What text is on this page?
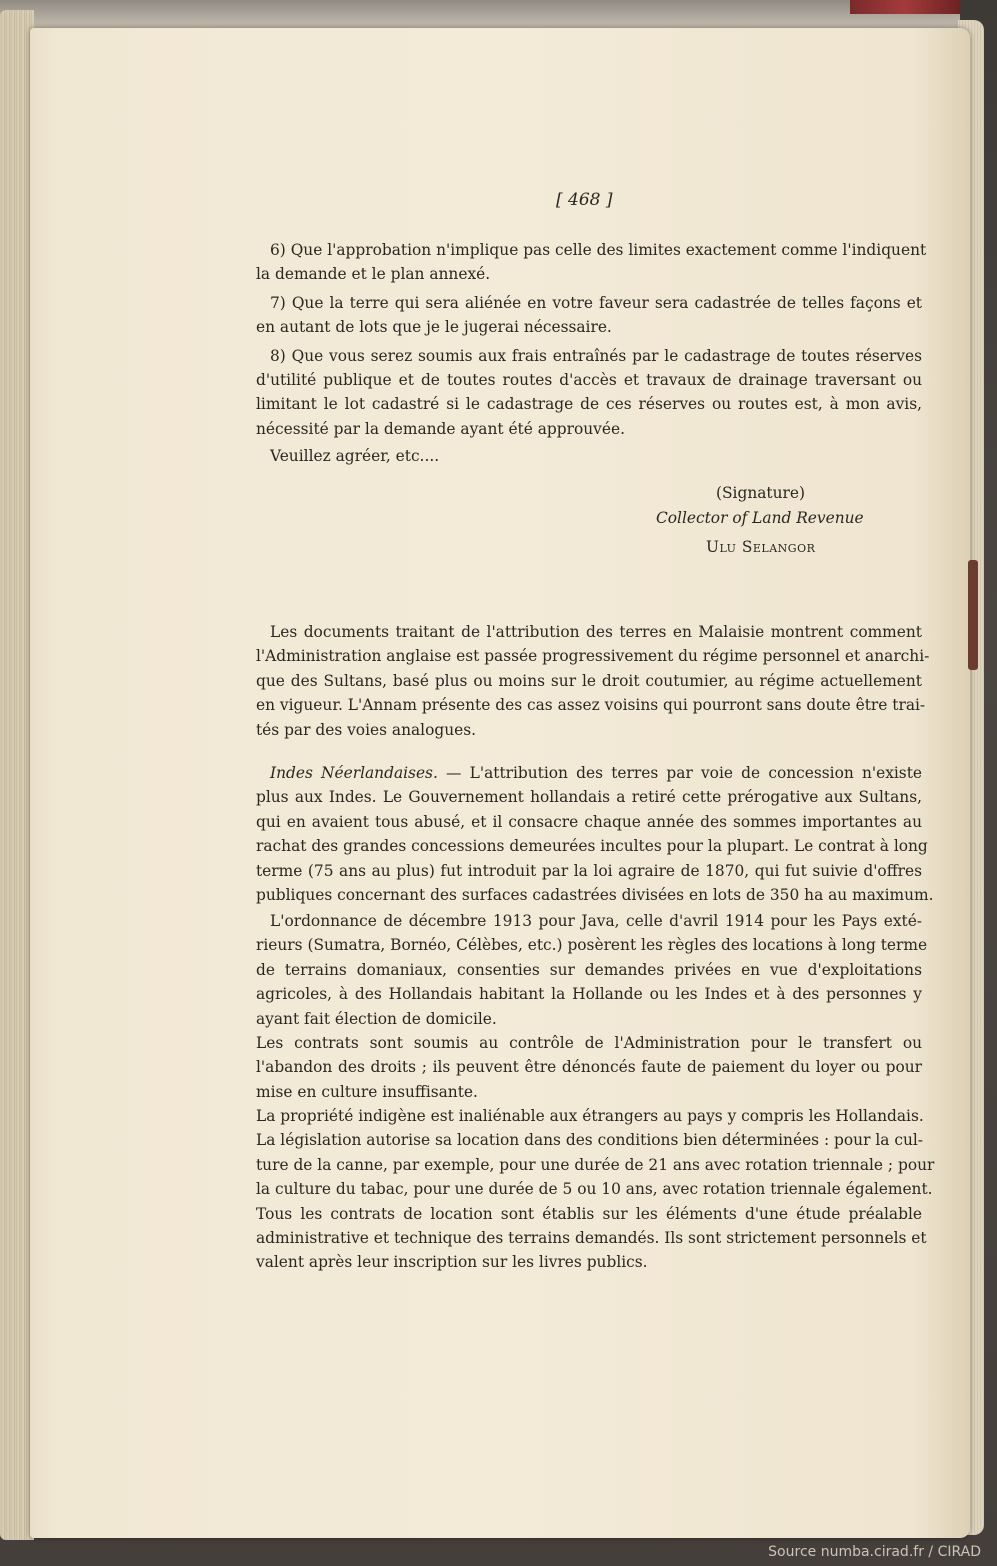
[ 468 ]
6) Que l'approbation n'implique pas celle des limites exactement comme l'indiquent
la demande et le plan annexé.
7) Que la terre qui sera aliénée en votre faveur sera cadastrée de telles façons et
en autant de lots que je le jugerai nécessaire.
8) Que vous serez soumis aux frais entraînés par le cadastrage de toutes réserves
d'utilité publique et de toutes routes d'accès et travaux de drainage traversant ou
limitant le lot cadastré si le cadastrage de ces réserves ou routes est, à mon avis,
nécessité par la demande ayant été approuvée.
Veuillez agréer, etc....
(Signature)
Collector of Land Revenue
Ulu Selangor
Les documents traitant de l'attribution des terres en Malaisie montrent comment
l'Administration anglaise est passée progressivement du régime personnel et anarchi-
que des Sultans, basé plus ou moins sur le droit coutumier, au régime actuellement
en vigueur. L'Annam présente des cas assez voisins qui pourront sans doute être trai-
tés par des voies analogues.
Indes Néerlandaises. — L'attribution des terres par voie de concession n'existe
plus aux Indes. Le Gouvernement hollandais a retiré cette prérogative aux Sultans,
qui en avaient tous abusé, et il consacre chaque année des sommes importantes au
rachat des grandes concessions demeurées incultes pour la plupart. Le contrat à long
terme (75 ans au plus) fut introduit par la loi agraire de 1870, qui fut suivie d'offres
publiques concernant des surfaces cadastrées divisées en lots de 350 ha au maximum.
L'ordonnance de décembre 1913 pour Java, celle d'avril 1914 pour les Pays exté-
rieurs (Sumatra, Bornéo, Célèbes, etc.) posèrent les règles des locations à long terme
de terrains domaniaux, consenties sur demandes privées en vue d'exploitations
agricoles, à des Hollandais habitant la Hollande ou les Indes et à des personnes y
ayant fait élection de domicile.
Les contrats sont soumis au contrôle de l'Administration pour le transfert ou
l'abandon des droits ; ils peuvent être dénoncés faute de paiement du loyer ou pour
mise en culture insuffisante.
La propriété indigène est inaliénable aux étrangers au pays y compris les Hollandais.
La législation autorise sa location dans des conditions bien déterminées : pour la cul-
ture de la canne, par exemple, pour une durée de 21 ans avec rotation triennale ; pour
la culture du tabac, pour une durée de 5 ou 10 ans, avec rotation triennale également.
Tous les contrats de location sont établis sur les éléments d'une étude préalable
administrative et technique des terrains demandés. Ils sont strictement personnels et
valent après leur inscription sur les livres publics.
Source numba.cirad.fr / CIRAD
